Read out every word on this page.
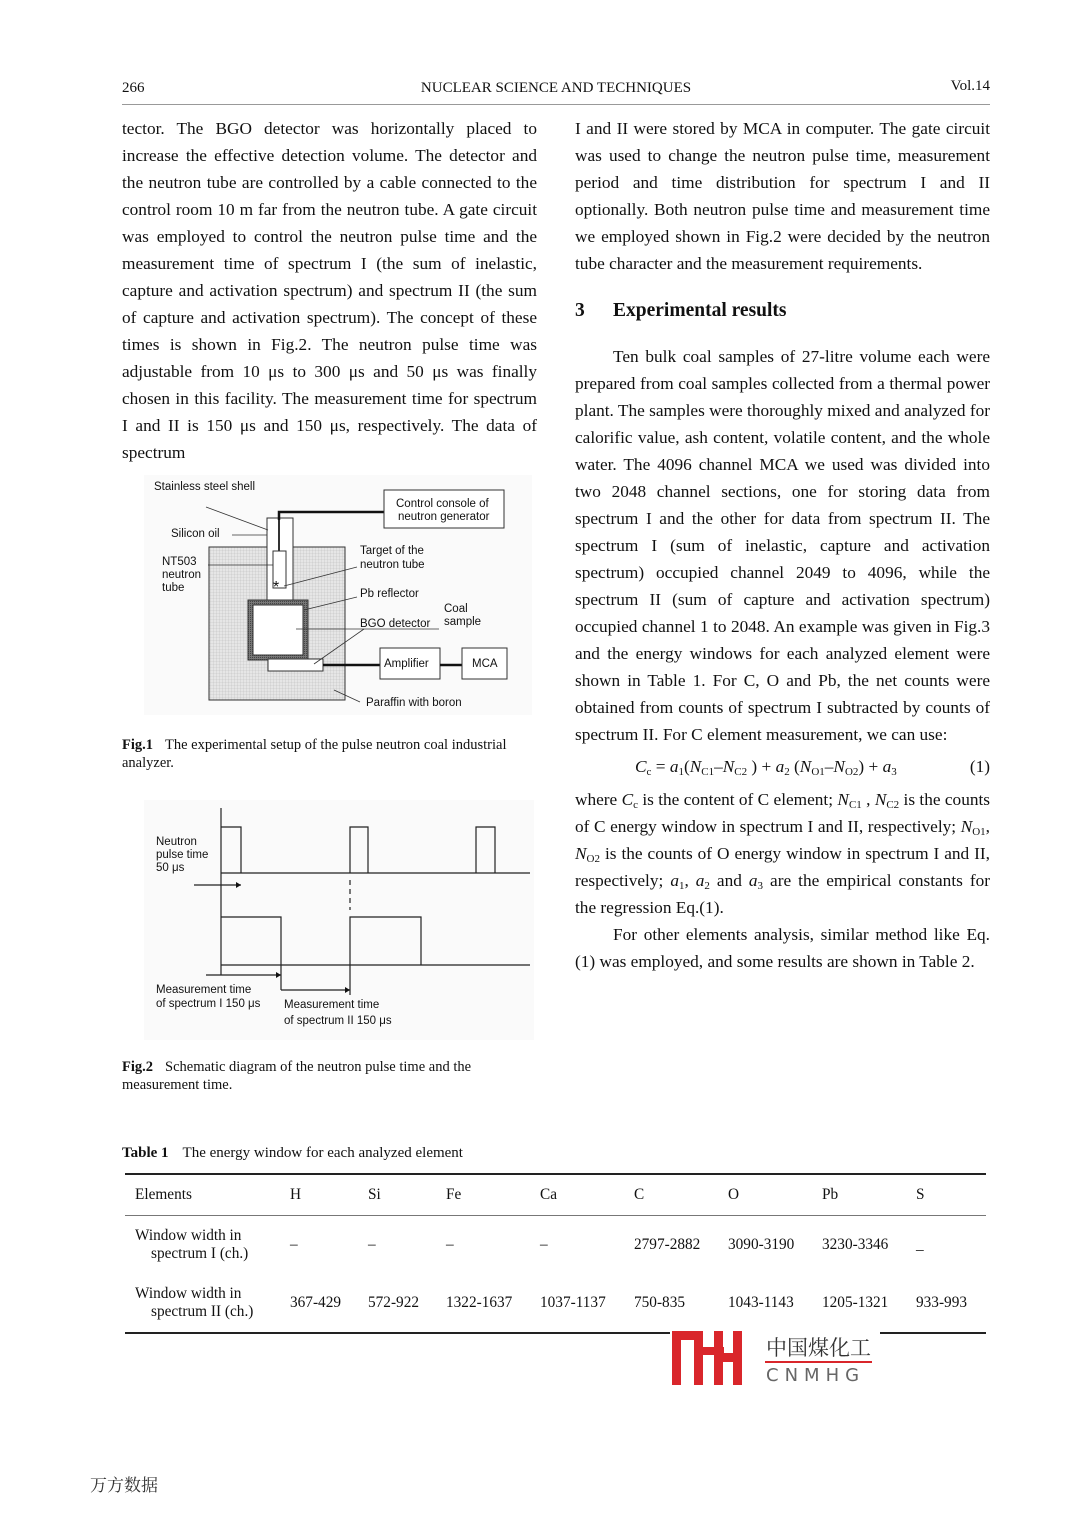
266	NUCLEAR SCIENCE AND TECHNIQUES	Vol.14

tector. The BGO detector was horizontally placed to increase the effective detection volume. The detector and the neutron tube are controlled by a cable connected to the control room 10 m far from the neutron tube. A gate circuit was employed to control the neutron pulse time and the measurement time of spectrum I (the sum of inelastic, capture and activation spectrum) and spectrum II (the sum of capture and activation spectrum). The concept of these times is shown in Fig.2. The neutron pulse time was adjustable from 10 μs to 300 μs and 50 μs was finally chosen in this facility. The measurement time for spectrum I and II is 150 μs and 150 μs, respectively. The data of spectrum

*
Control console of
neutron generator
Amplifier	MCA
Stainless steel shell
Silicon oil
NT503
neutron
tube
Target of the
neutron tube
Pb reflector
Coal
sample
BGO detector
Paraffin with boron
Fig.1 The experimental setup of the pulse neutron coal industrial analyzer.
Neutron
pulse time
50 μs
Measurement time
of spectrum I 150 μs Measurement time
of spectrum II 150 μs
Fig.2 Schematic diagram of the neutron pulse time and the measurement time.

I and II were stored by MCA in computer. The gate circuit was used to change the neutron pulse time, measurement period and time distribution for spectrum I and II optionally. Both neutron pulse time and measurement time we employed shown in Fig.2 were decided by the neutron tube character and the measurement requirements.

3 Experimental results

Ten bulk coal samples of 27-litre volume each were prepared from coal samples collected from a thermal power plant. The samples were thoroughly mixed and analyzed for calorific value, ash content, volatile content, and the whole water. The 4096 channel MCA we used was divided into two 2048 channel sections, one for storing data from spectrum I and the other for data from spectrum II. The spectrum I (sum of inelastic, capture and activation spectrum) occupied channel 2049 to 4096, while the spectrum II (sum of capture and activation spectrum) occupied channel 1 to 2048. An example was given in Fig.3 and the energy windows for each analyzed element were shown in Table 1. For C, O and Pb, the net counts were obtained from counts of spectrum I subtracted by counts of spectrum II. For C element measurement, we can use:

$C_c = a_1(N_{C1}-N_{C2}$ ) + $a_2$ $(N_{O1}-N_{O2}) + a_3$	(1)

where $C_c$ is the content of C element; $N_{C1}$ , $N_{C2}$ is the counts of C energy window in spectrum I and II, respectively; $N_{O1}$, $N_{O2}$ is the counts of O energy window in spectrum I and II, respectively; $a_1$, $a_2$ and $a_3$ are the empirical constants for the regression Eq.(1).

For other elements analysis, similar method like Eq.(1) was employed, and some results are shown in Table 2.

Table 1 The energy window for each analyzed element
Elements	H	Si	Fe	Ca	C	O	Pb	S

Window width in
spectrum I (ch.)	–	–	–	–	2797-2882	3090-3190	3230-3346	_

Window width in
spectrum II (ch.)	367-429	572-922	1322-1637	1037-1137	750-835	1043-1143	1205-1321	933-993
中国煤化工
CNMHG
万方数据
